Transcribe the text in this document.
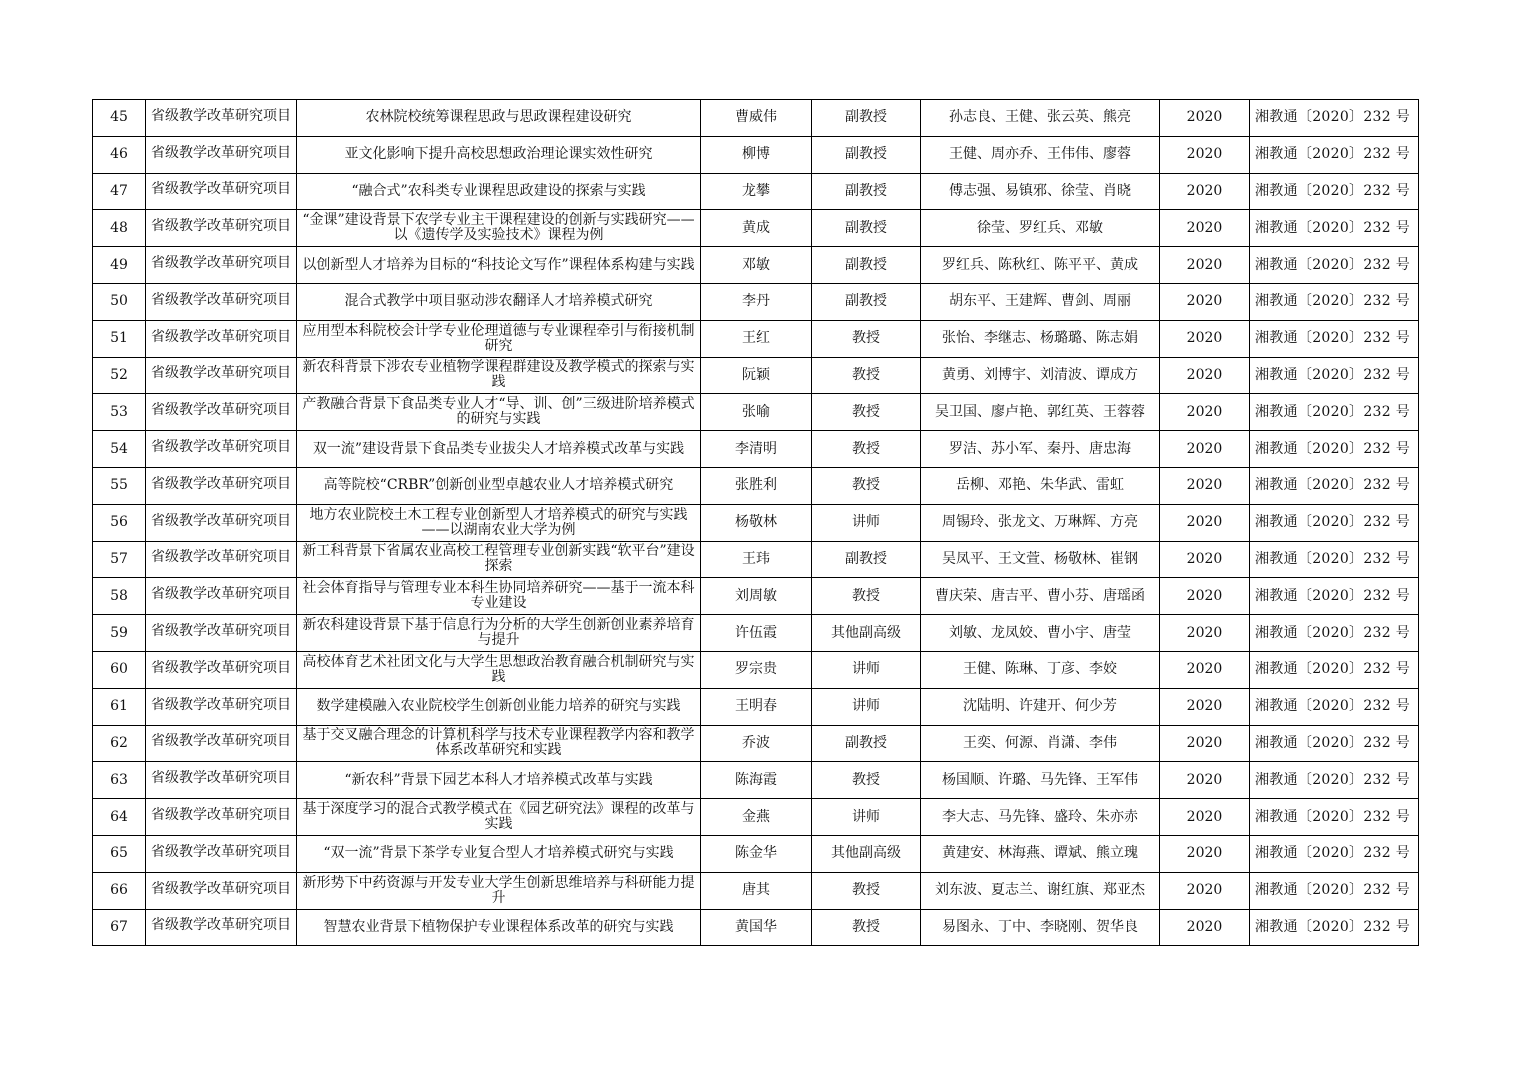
45	省级教学改革研究项目	农林院校统筹课程思政与思政课程建设研究	曹威伟	副教授	孙志良、王健、张云英、熊亮	2020	湘教通〔2020〕232 号

46	省级教学改革研究项目	亚文化影响下提升高校思想政治理论课实效性研究	柳博	副教授	王健、周亦乔、王伟伟、廖蓉	2020	湘教通〔2020〕232 号

47	省级教学改革研究项目	“融合式”农科类专业课程思政建设的探索与实践	龙攀	副教授	傅志强、易镇邪、徐莹、肖晓	2020	湘教通〔2020〕232 号

48	省级教学改革研究项目	“金课”建设背景下农学专业主干课程建设的创新与实践研究——以《遗传学及实验技术》课程为例	黄成	副教授	徐莹、罗红兵、邓敏	2020	湘教通〔2020〕232 号

49	省级教学改革研究项目	以创新型人才培养为目标的“科技论文写作”课程体系构建与实践	邓敏	副教授	罗红兵、陈秋红、陈平平、黄成	2020	湘教通〔2020〕232 号

50	省级教学改革研究项目	混合式教学中项目驱动涉农翻译人才培养模式研究	李丹	副教授	胡东平、王建辉、曹剑、周丽	2020	湘教通〔2020〕232 号

51	省级教学改革研究项目	应用型本科院校会计学专业伦理道德与专业课程牵引与衔接机制研究	王红	教授	张怡、李继志、杨璐璐、陈志娟	2020	湘教通〔2020〕232 号

52	省级教学改革研究项目	新农科背景下涉农专业植物学课程群建设及教学模式的探索与实践	阮颖	教授	黄勇、刘博宇、刘清波、谭成方	2020	湘教通〔2020〕232 号

53	省级教学改革研究项目	产教融合背景下食品类专业人才“导、训、创”三级进阶培养模式的研究与实践	张喻	教授	吴卫国、廖卢艳、郭红英、王蓉蓉	2020	湘教通〔2020〕232 号

54	省级教学改革研究项目	双一流”建设背景下食品类专业拔尖人才培养模式改革与实践	李清明	教授	罗洁、苏小军、秦丹、唐忠海	2020	湘教通〔2020〕232 号

55	省级教学改革研究项目	高等院校“CRBR”创新创业型卓越农业人才培养模式研究	张胜利	教授	岳柳、邓艳、朱华武、雷虹	2020	湘教通〔2020〕232 号

56	省级教学改革研究项目	地方农业院校土木工程专业创新型人才培养模式的研究与实践——以湖南农业大学为例	杨敬林	讲师	周锡玲、张龙文、万琳辉、方亮	2020	湘教通〔2020〕232 号

57	省级教学改革研究项目	新工科背景下省属农业高校工程管理专业创新实践“软平台”建设探索	王玮	副教授	吴凤平、王文萱、杨敬林、崔钢	2020	湘教通〔2020〕232 号

58	省级教学改革研究项目	社会体育指导与管理专业本科生协同培养研究——基于一流本科专业建设	刘周敏	教授	曹庆荣、唐吉平、曹小芬、唐瑶函	2020	湘教通〔2020〕232 号

59	省级教学改革研究项目	新农科建设背景下基于信息行为分析的大学生创新创业素养培育与提升	许伍霞	其他副高级	刘敏、龙凤姣、曹小宇、唐莹	2020	湘教通〔2020〕232 号

60	省级教学改革研究项目	高校体育艺术社团文化与大学生思想政治教育融合机制研究与实践	罗宗贵	讲师	王健、陈琳、丁彦、李姣	2020	湘教通〔2020〕232 号

61	省级教学改革研究项目	数学建模融入农业院校学生创新创业能力培养的研究与实践	王明春	讲师	沈陆明、许建开、何少芳	2020	湘教通〔2020〕232 号

62	省级教学改革研究项目	基于交叉融合理念的计算机科学与技术专业课程教学内容和教学体系改革研究和实践	乔波	副教授	王奕、何源、肖潇、李伟	2020	湘教通〔2020〕232 号

63	省级教学改革研究项目	“新农科”背景下园艺本科人才培养模式改革与实践	陈海霞	教授	杨国顺、许璐、马先锋、王军伟	2020	湘教通〔2020〕232 号

64	省级教学改革研究项目	基于深度学习的混合式教学模式在《园艺研究法》课程的改革与实践	金燕	讲师	李大志、马先锋、盛玲、朱亦赤	2020	湘教通〔2020〕232 号

65	省级教学改革研究项目	“双一流”背景下茶学专业复合型人才培养模式研究与实践	陈金华	其他副高级	黄建安、林海燕、谭斌、熊立瑰	2020	湘教通〔2020〕232 号

66	省级教学改革研究项目	新形势下中药资源与开发专业大学生创新思维培养与科研能力提升	唐其	教授	刘东波、夏志兰、谢红旗、郑亚杰	2020	湘教通〔2020〕232 号

67	省级教学改革研究项目	智慧农业背景下植物保护专业课程体系改革的研究与实践	黄国华	教授	易图永、丁中、李晓刚、贺华良	2020	湘教通〔2020〕232 号
